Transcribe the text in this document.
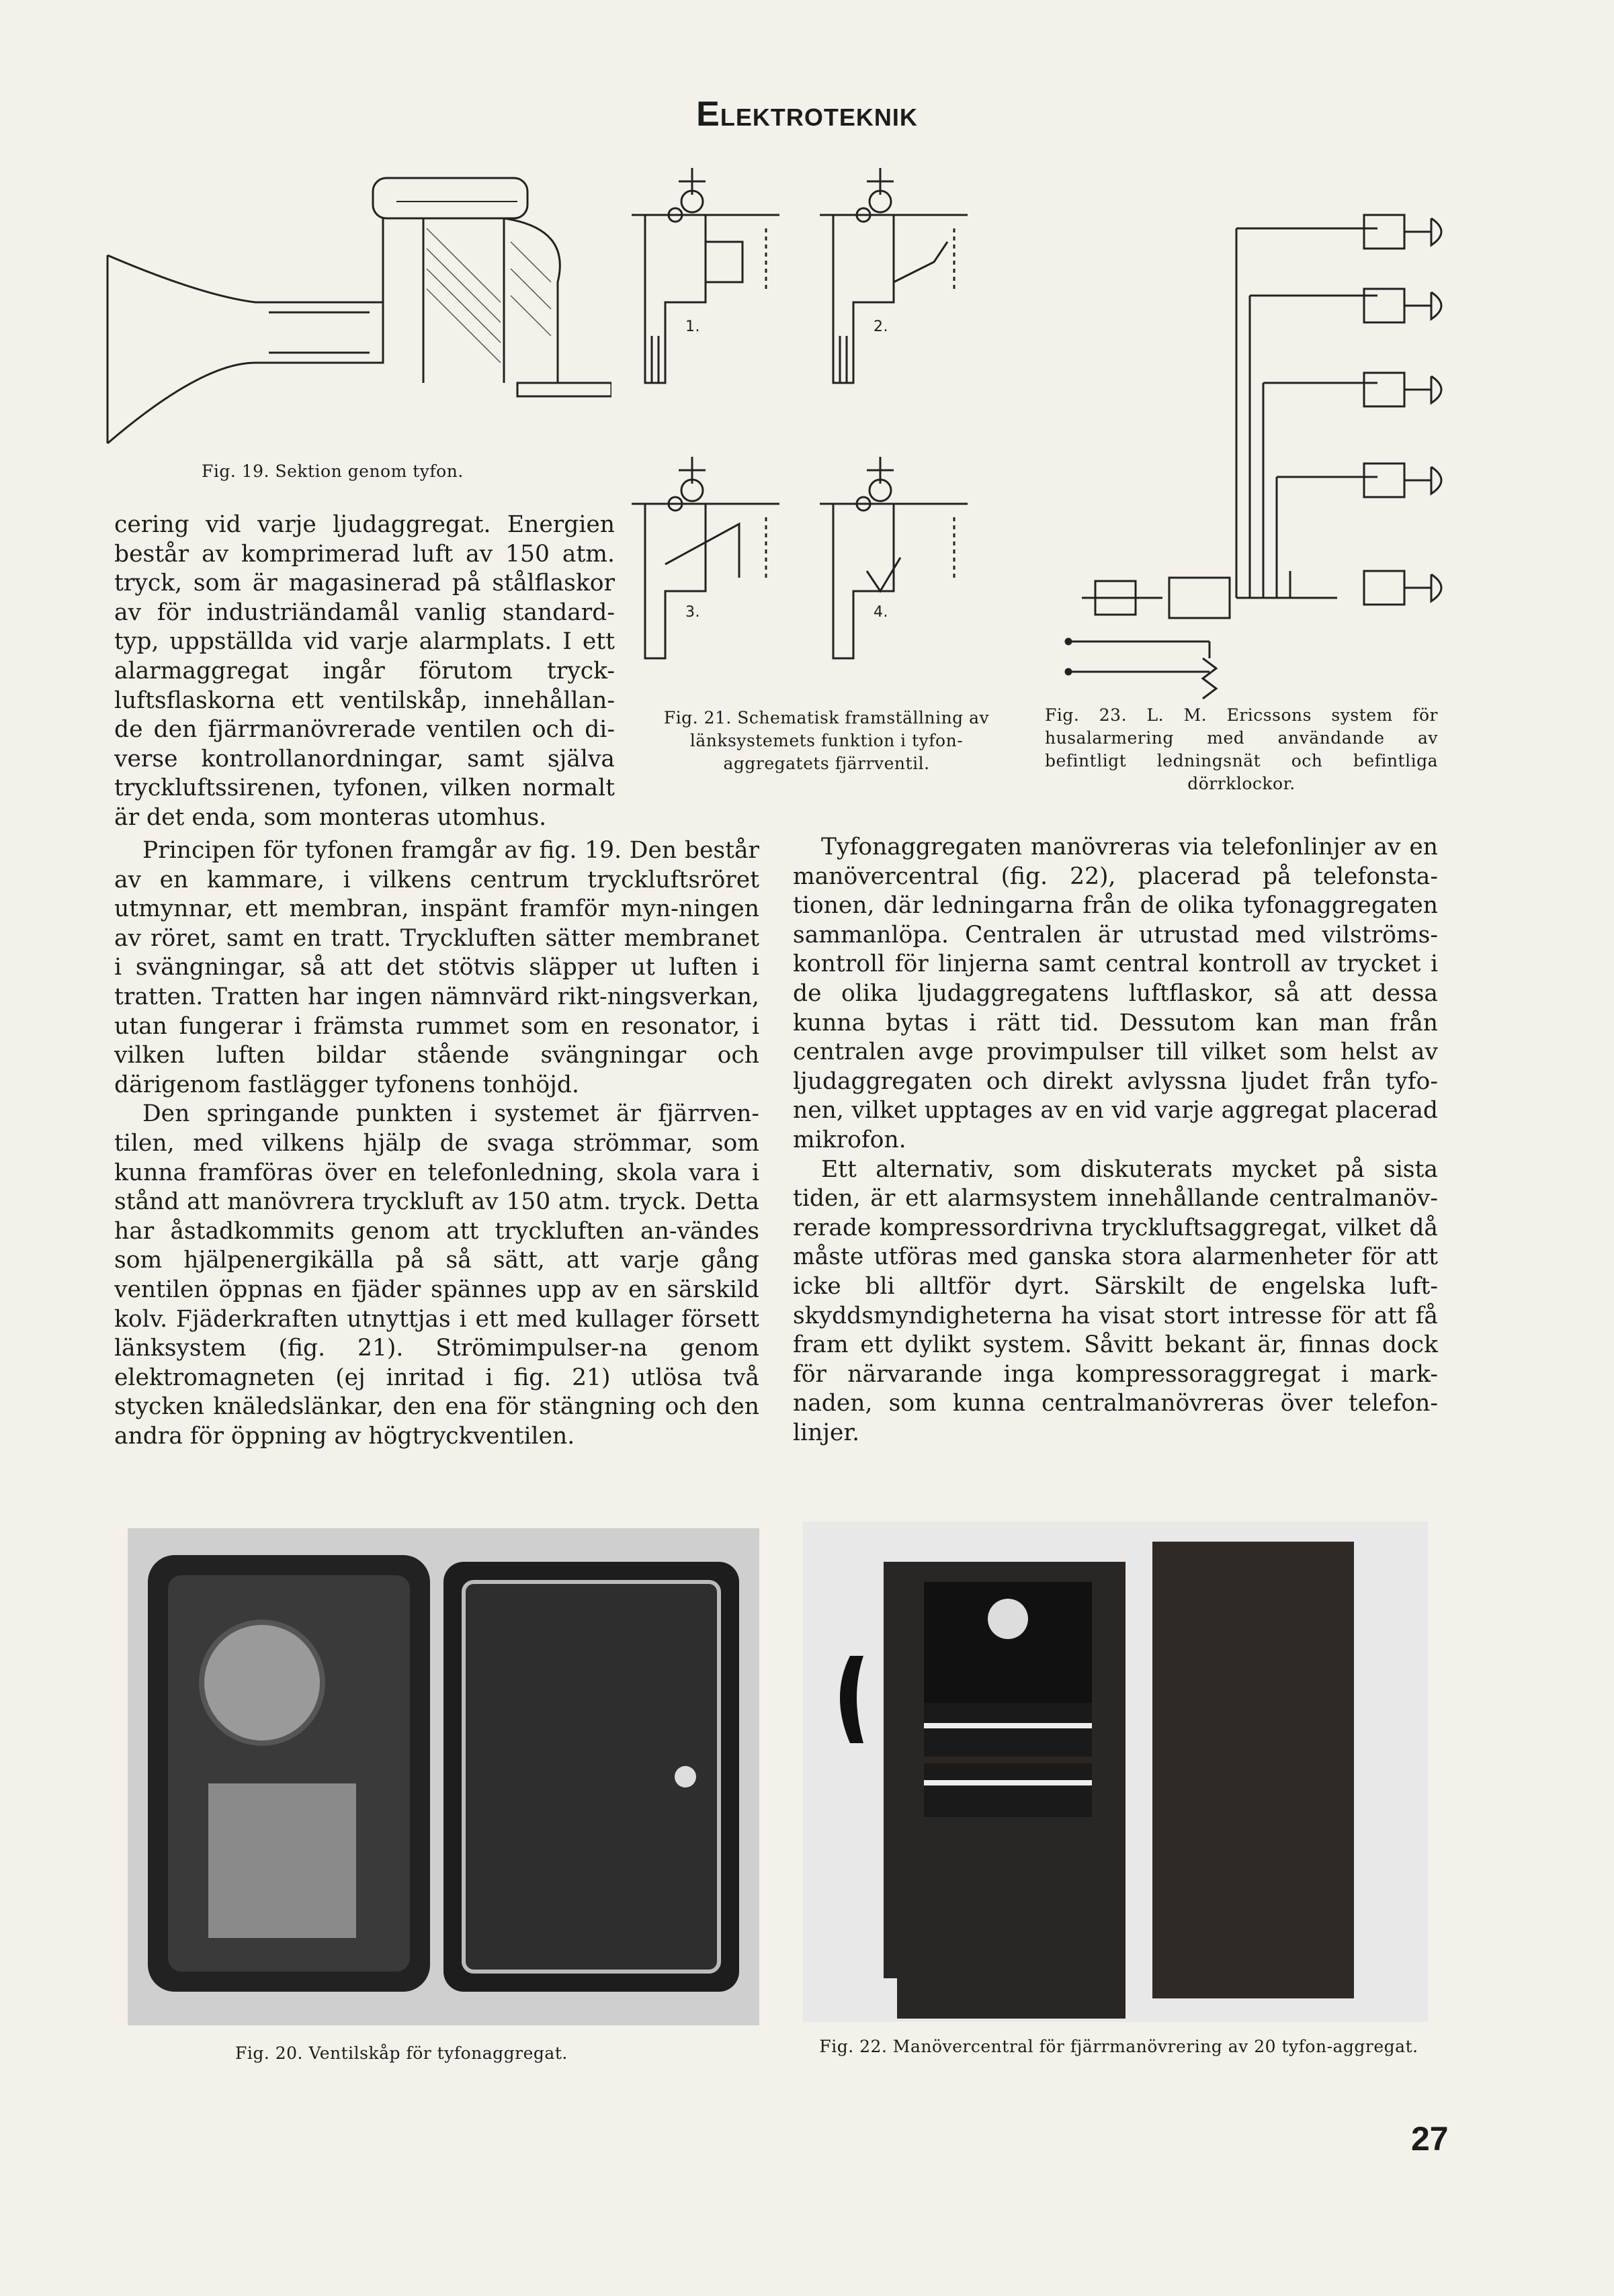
Elektroteknik
Fig. 19. Sektion genom tyfon.
1.	2.
3.	4.
Fig. 21. Schematisk framställning av länksystemets funktion i tyfon-aggregatets fjärrventil.
Fig. 23. L. M. Ericssons system för husalarmering med användande av befintligt ledningsnät och befintliga dörrklockor.

cering vid varje ljudaggregat. Energien består av komprimerad luft av 150 atm. tryck, som är magasinerad på stålflaskor av för industriändamål vanlig standard-typ, uppställda vid varje alarmplats. I ett alarmaggregat ingår förutom tryck-luftsflaskorna ett ventilskåp, innehållan-de den fjärrmanövrerade ventilen och di-verse kontrollanordningar, samt själva tryckluftssirenen, tyfonen, vilken normalt är det enda, som monteras utomhus.

Principen för tyfonen framgår av fig. 19. Den består av en kammare, i vilkens centrum tryckluftsröret utmynnar, ett membran, inspänt framför myn-ningen av röret, samt en tratt. Tryckluften sätter membranet i svängningar, så att det stötvis släpper ut luften i tratten. Tratten har ingen nämnvärd rikt-ningsverkan, utan fungerar i främsta rummet som en resonator, i vilken luften bildar stående svängningar och därigenom fastlägger tyfonens tonhöjd.

Den springande punkten i systemet är fjärrven-tilen, med vilkens hjälp de svaga strömmar, som kunna framföras över en telefonledning, skola vara i stånd att manövrera tryckluft av 150 atm. tryck. Detta har åstadkommits genom att tryckluften an-vändes som hjälpenergikälla på så sätt, att varje gång ventilen öppnas en fjäder spännes upp av en särskild kolv. Fjäderkraften utnyttjas i ett med kullager försett länksystem (fig. 21). Strömimpulser-na genom elektromagneten (ej inritad i fig. 21) utlösa två stycken knäledslänkar, den ena för stängning och den andra för öppning av högtryckventilen.

Tyfonaggregaten manövreras via telefonlinjer av en manövercentral (fig. 22), placerad på telefonsta-tionen, där ledningarna från de olika tyfonaggregaten sammanlöpa. Centralen är utrustad med vilströms-kontroll för linjerna samt central kontroll av trycket i de olika ljudaggregatens luftflaskor, så att dessa kunna bytas i rätt tid. Dessutom kan man från centralen avge provimpulser till vilket som helst av ljudaggregaten och direkt avlyssna ljudet från tyfo-nen, vilket upptages av en vid varje aggregat placerad mikrofon.

Ett alternativ, som diskuterats mycket på sista tiden, är ett alarmsystem innehållande centralmanöv-rerade kompressordrivna tryckluftsaggregat, vilket då måste utföras med ganska stora alarmenheter för att icke bli alltför dyrt. Särskilt de engelska luft-skyddsmyndigheterna ha visat stort intresse för att få fram ett dylikt system. Såvitt bekant är, finnas dock för närvarande inga kompressoraggregat i mark-naden, som kunna centralmanövreras över telefon-linjer.

Fig. 20. Ventilskåp för tyfonaggregat.	Fig. 22. Manövercentral för fjärrmanövrering av 20 tyfon-aggregat.
27
